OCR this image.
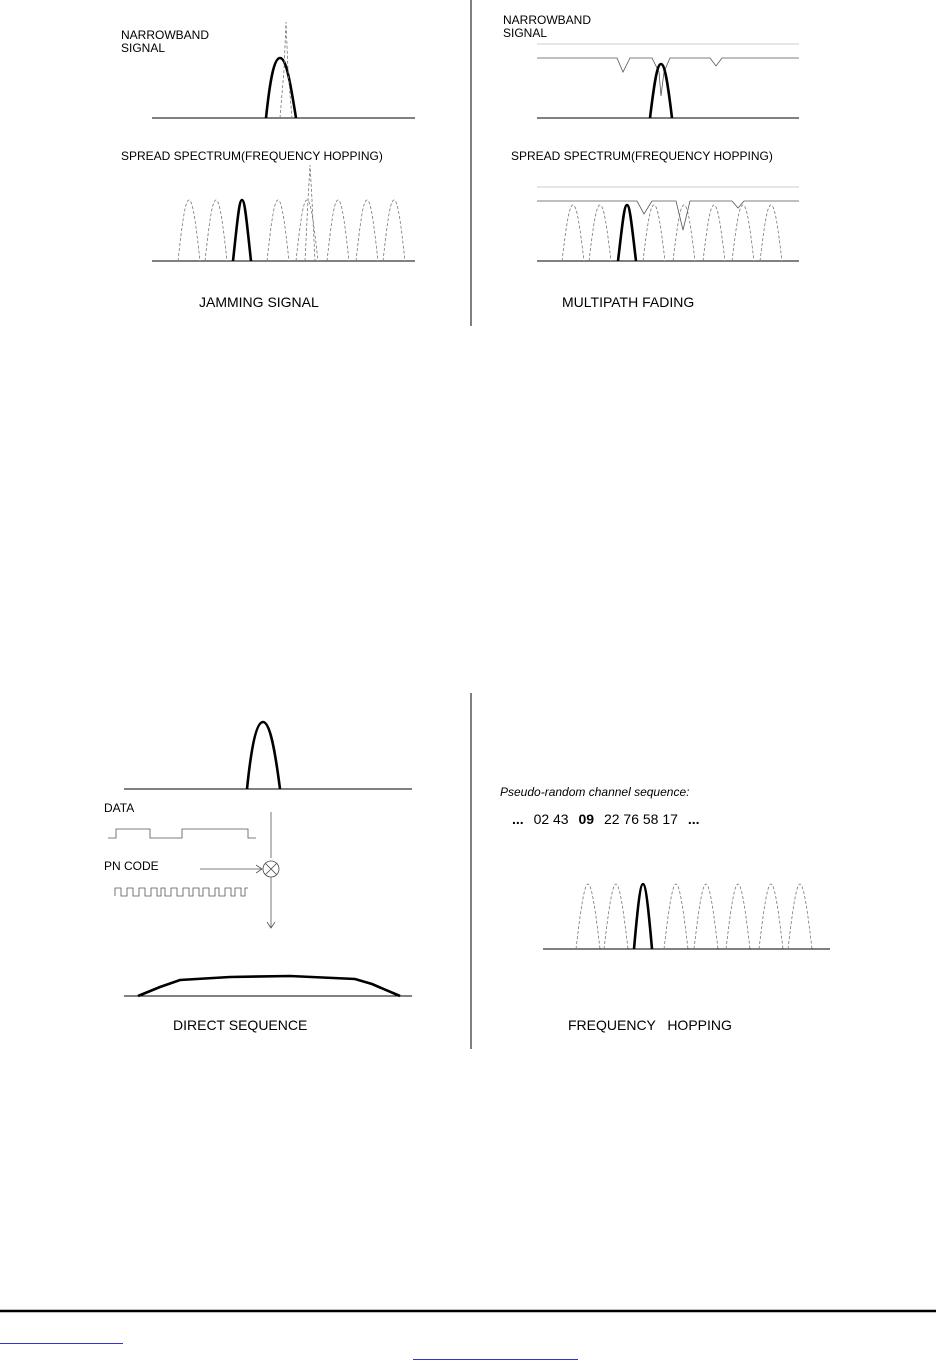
NARROWBAND
SIGNAL
SPREAD SPECTRUM(FREQUENCY HOPPING)
JAMMING SIGNAL
NARROWBAND
SIGNAL
SPREAD SPECTRUM(FREQUENCY HOPPING)
MULTIPATH FADING
DATA
PN CODE
DIRECT SEQUENCE
Pseudo-random channel sequence:
... 02 43 09 22 76 58 17 ...
FREQUENCY   HOPPING
